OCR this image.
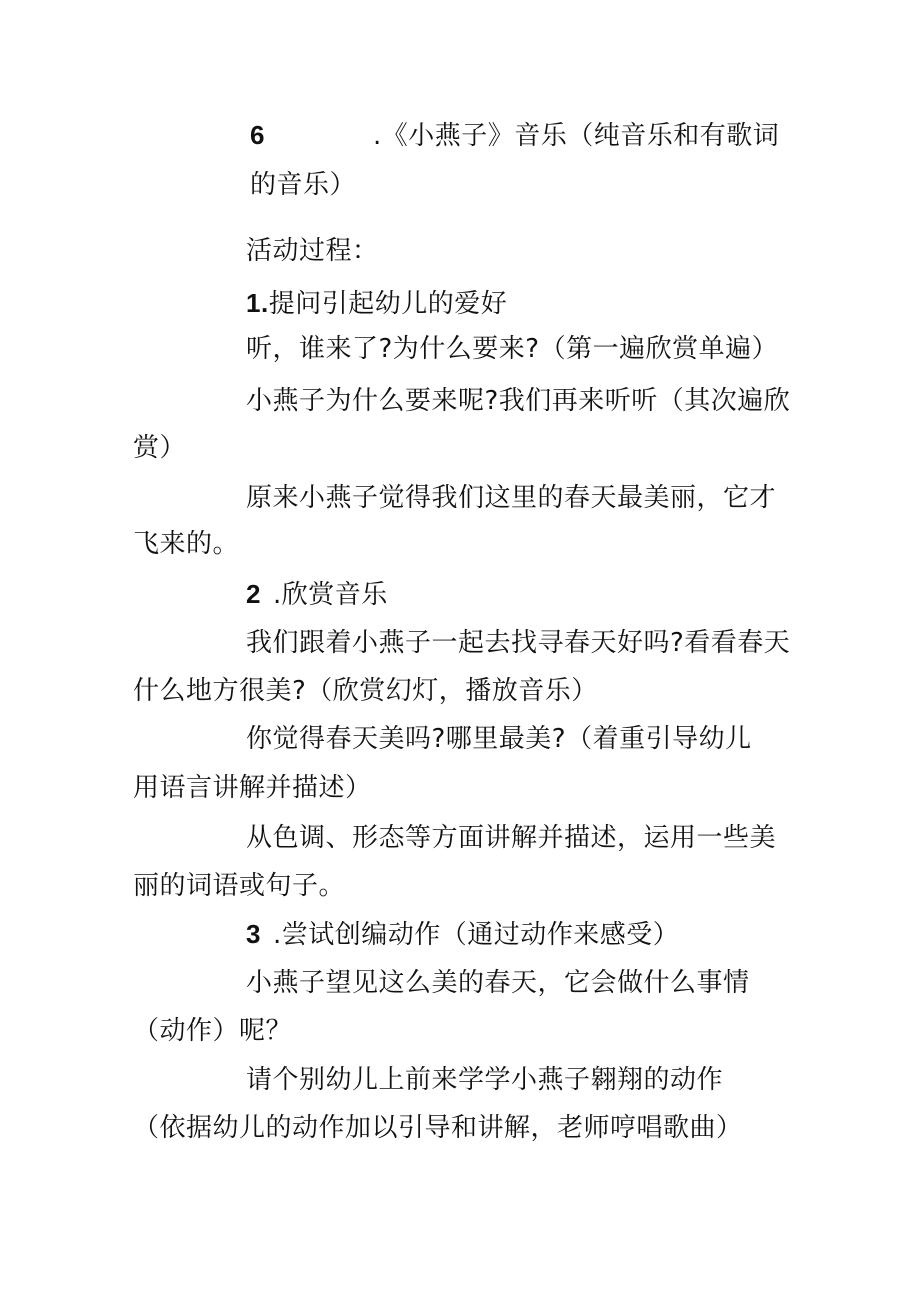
6	.《小燕子》音乐（纯音乐和有歌词
的音乐）
活动过程：
1.提问引起幼儿的爱好
听，谁来了?为什么要来?（第一遍欣赏单遍）
小燕子为什么要来呢?我们再来听听（其次遍欣
赏）
原来小燕子觉得我们这里的春天最美丽，它才
飞来的。
2 .欣赏音乐
我们跟着小燕子一起去找寻春天好吗?看看春天
什么地方很美?（欣赏幻灯，播放音乐）
你觉得春天美吗?哪里最美?（着重引导幼儿
用语言讲解并描述）
从色调、形态等方面讲解并描述，运用一些美
丽的词语或句子。
3 .尝试创编动作（通过动作来感受）
小燕子望见这么美的春天，它会做什么事情
（动作）呢？
请个别幼儿上前来学学小燕子翱翔的动作
（依据幼儿的动作加以引导和讲解，老师哼唱歌曲）
